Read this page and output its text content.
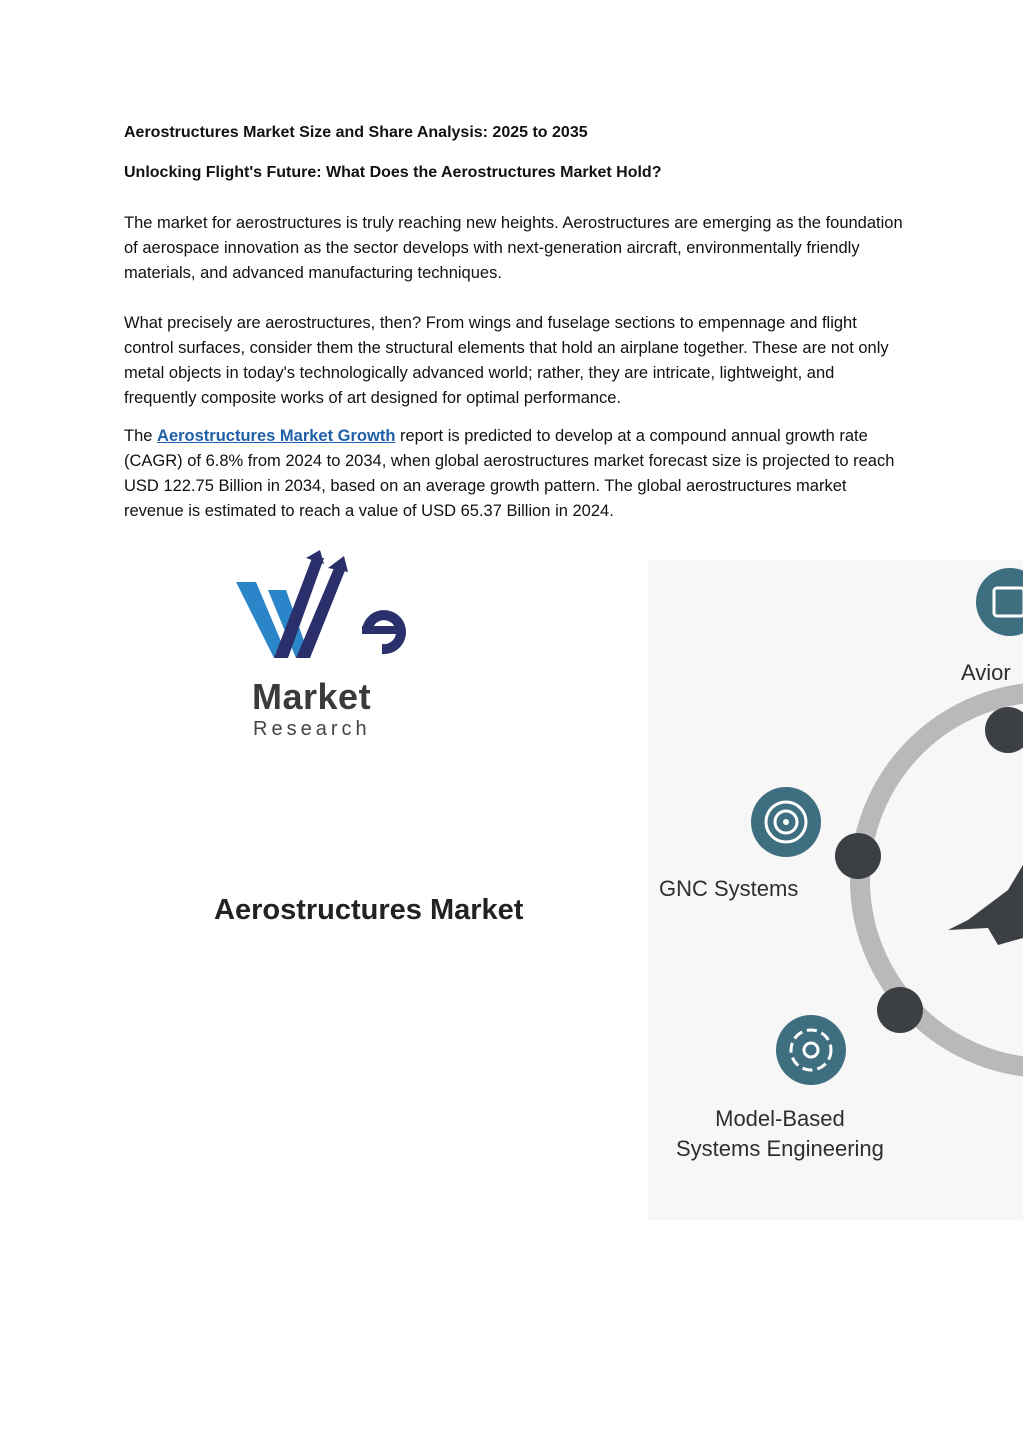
Aerostructures Market Size and Share Analysis: 2025 to 2035
Unlocking Flight's Future: What Does the Aerostructures Market Hold?

The market for aerostructures is truly reaching new heights. Aerostructures are emerging as the foundation of aerospace innovation as the sector develops with next-generation aircraft, environmentally friendly materials, and advanced manufacturing techniques.

What precisely are aerostructures, then? From wings and fuselage sections to empennage and flight control surfaces, consider them the structural elements that hold an airplane together. These are not only metal objects in today's technologically advanced world; rather, they are intricate, lightweight, and frequently composite works of art designed for optimal performance.

The Aerostructures Market Growth report is predicted to develop at a compound annual growth rate (CAGR) of 6.8% from 2024 to 2034, when global aerostructures market forecast size is projected to reach USD 122.75 Billion in 2034, based on an average growth pattern. The global aerostructures market revenue is estimated to reach a value of USD 65.37 Billion in 2024.

Market
Research
Aerostructures Market
Avior
GNC Systems
Model-Based
Systems Engineering
